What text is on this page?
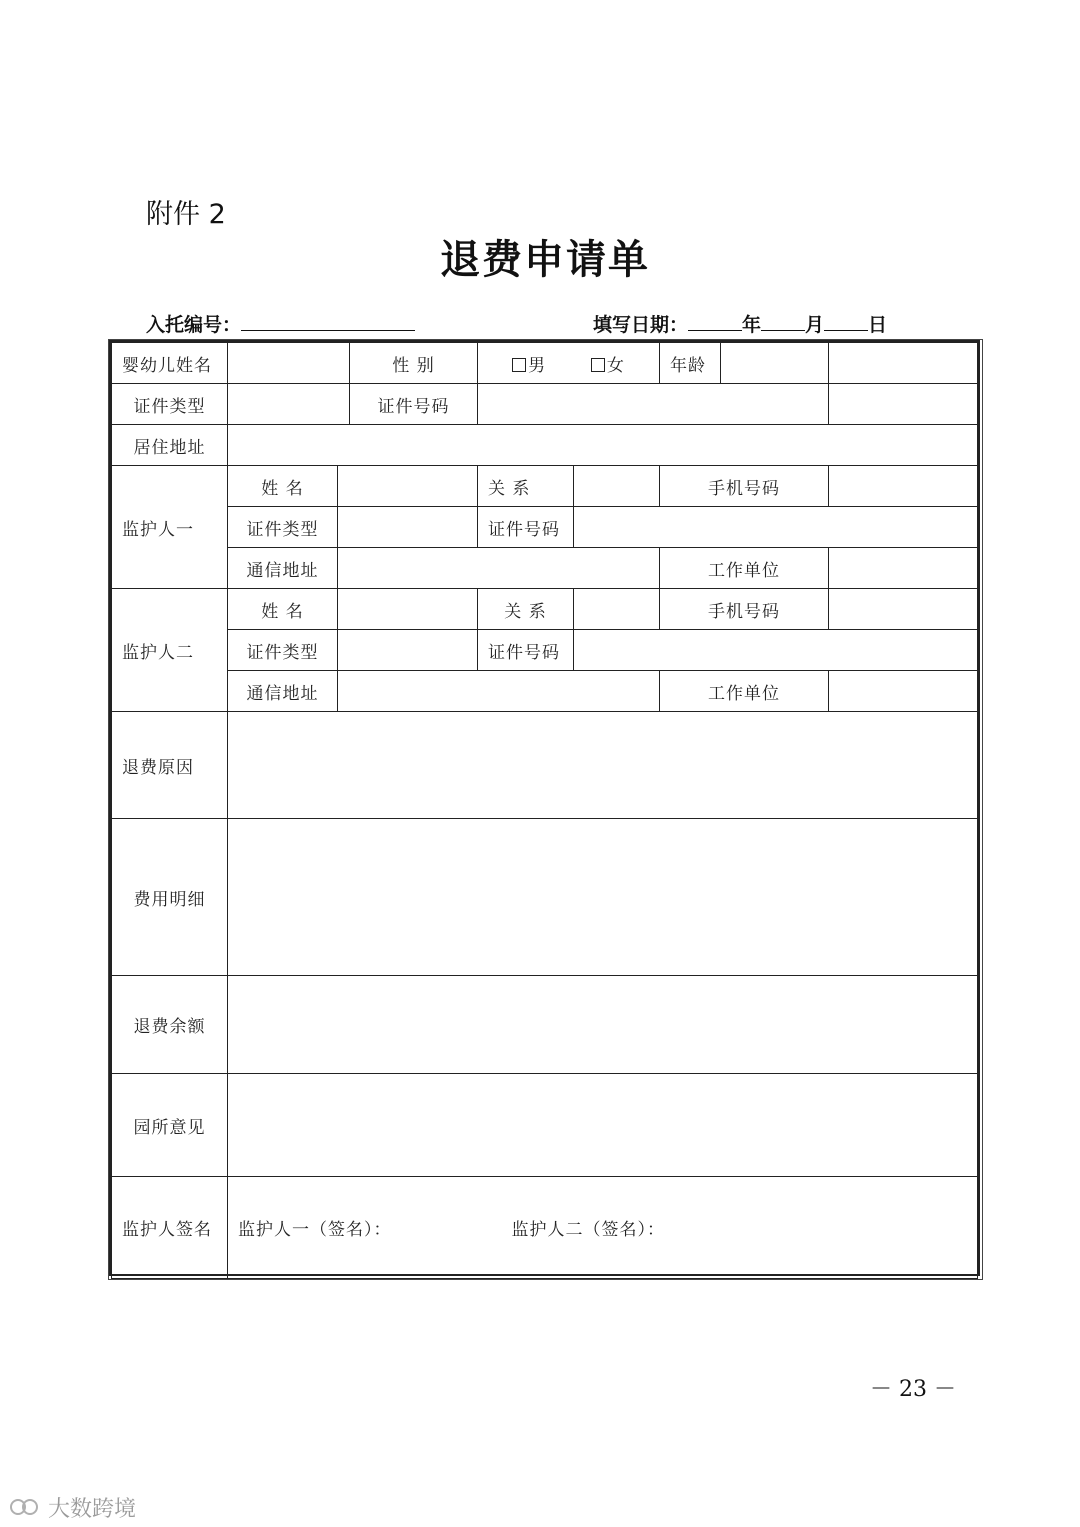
附件 2
退费申请单
入托编号：	填写日期：	年 月 日
婴幼儿姓名			性 别	男 女		年龄		
证件类型			证件号码					
居住地址								
监护人一	姓 名			关 系		手机号码		
	证件类型			证件号码				
	通信地址					工作单位		
监护人二	姓 名			关 系		手机号码		
	证件类型			证件号码				
	通信地址					工作单位		
退费原因								
费用明细								
退费余额								
园所意见								
监护人签名	监护人一（签名）： 监护人二（签名）：							
－ 23 －
大数跨境
